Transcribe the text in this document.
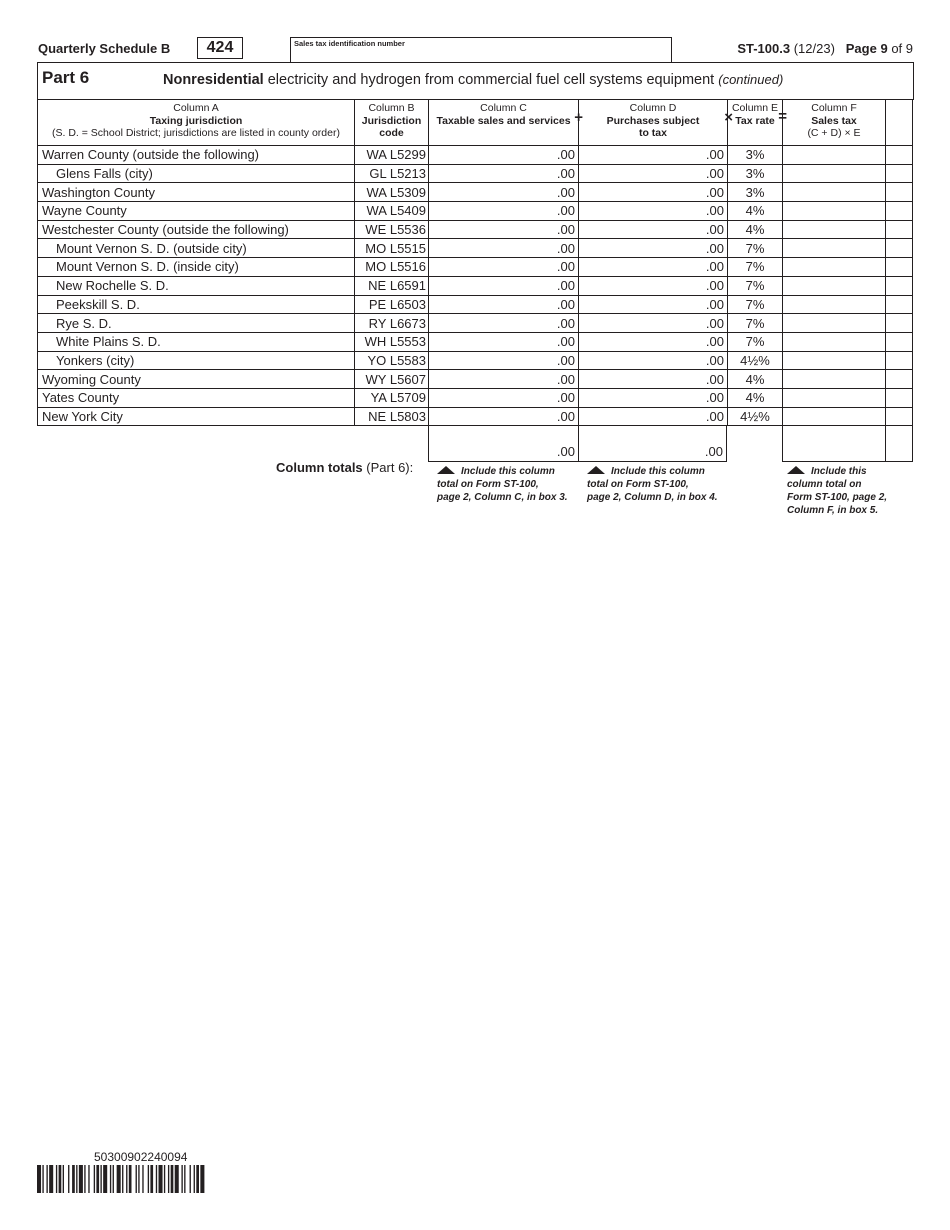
Quarterly Schedule B	424	Sales tax identification number	ST-100.3 (12/23) Page 9 of 9
Part 6	Nonresidential electricity and hydrogen from commercial fuel cell systems equipment (continued)
Column A
Taxing jurisdiction
(S. D. = School District; jurisdictions are listed in county order)	Column B
Jurisdiction
code	Column C
Taxable sales and services +	Column D
Purchases subject
to tax
×	Column E
Tax rate =	Column F
Sales tax
(C + D) × E	
Warren County (outside the following)	WA L5299	.00	.00	3%		
Glens Falls (city)	GL L5213	.00	.00	3%		
Washington County	WA L5309	.00	.00	3%		
Wayne County	WA L5409	.00	.00	4%		
Westchester County (outside the following)	WE L5536	.00	.00	4%		
Mount Vernon S. D. (outside city)	MO L5515	.00	.00	7%		
Mount Vernon S. D. (inside city)	MO L5516	.00	.00	7%		
New Rochelle S. D.	NE L6591	.00	.00	7%		
Peekskill S. D.	PE L6503	.00	.00	7%		
Rye S. D.	RY L6673	.00	.00	7%		
White Plains S. D.	WH L5553	.00	.00	7%		
Yonkers (city)	YO L5583	.00	.00	4½%		
Wyoming County	WY L5607	.00	.00	4%		
Yates County	YA L5709	.00	.00	4%		
New York City	NE L5803	.00	.00	4½%		
.00	.00
Column totals (Part 6):	Include this column
total on Form ST-100,
page 2, Column C, in box 3.
Include this column
total on Form ST-100,
page 2, Column D, in box 4.
Include this
column total on
Form ST-100, page 2,
Column F, in box 5.
50300902240094
